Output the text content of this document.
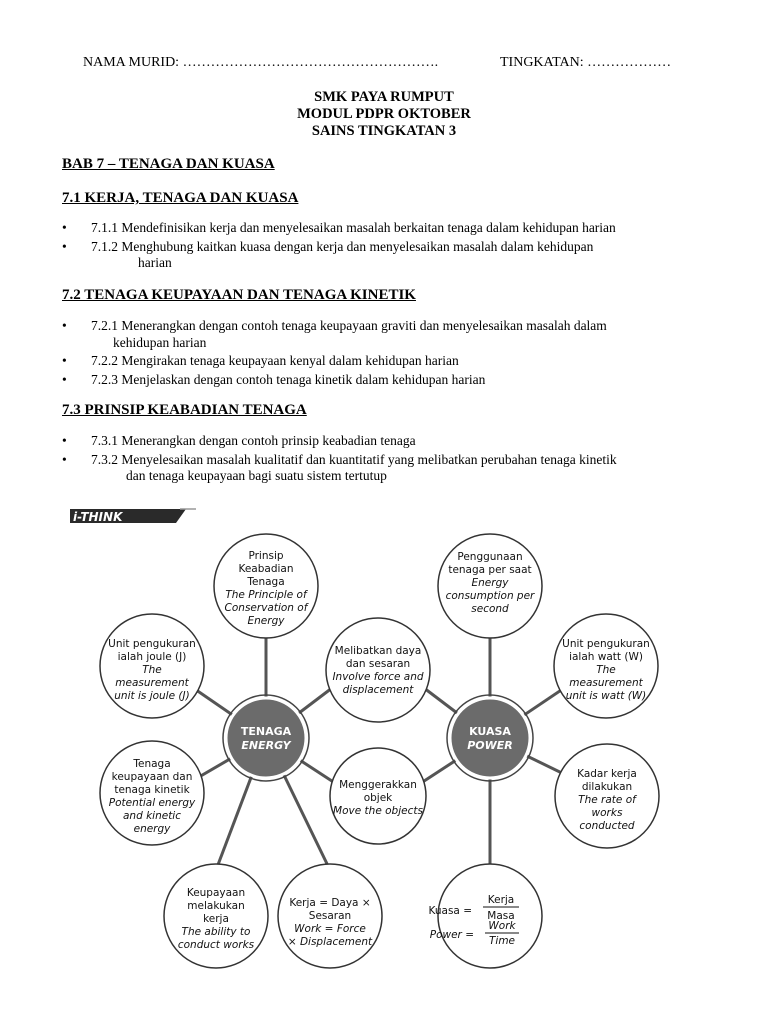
NAMA MURID: ……………………………………………….	TINGKATAN: ………………
SMK PAYA RUMPUT
MODUL PDPR OKTOBER
SAINS TINGKATAN 3
BAB 7 – TENAGA DAN KUASA
7.1 KERJA, TENAGA DAN KUASA
• 7.1.1 Mendefinisikan kerja dan menyelesaikan masalah berkaitan tenaga dalam kehidupan harian
• 7.1.2 Menghubung kaitkan kuasa dengan kerja dan menyelesaikan masalah dalam kehidupan
harian
7.2 TENAGA KEUPAYAAN DAN TENAGA KINETIK
• 7.2.1 Menerangkan dengan contoh tenaga keupayaan graviti dan menyelesaikan masalah dalam
kehidupan harian
• 7.2.2 Mengirakan tenaga keupayaan kenyal dalam kehidupan harian
• 7.2.3 Menjelaskan dengan contoh tenaga kinetik dalam kehidupan harian
7.3 PRINSIP KEABADIAN TENAGA
• 7.3.1 Menerangkan dengan contoh prinsip keabadian tenaga
• 7.3.2 Menyelesaikan masalah kualitatif dan kuantitatif yang melibatkan perubahan tenaga kinetik
dan tenaga keupayaan bagi suatu sistem tertutup
i-THINK
TENAGA
ENERGY
KUASA
POWER
Prinsip
Keabadian
Tenaga
The Principle of
Conservation of
Energy
Unit pengukuran
ialah joule (J)
The
measurement
unit is joule (J)
Tenaga
keupayaan dan
tenaga kinetik
Potential energy
and kinetic
energy
Keupayaan
melakukan
kerja
The ability to
conduct works
Kerja = Daya ×
Sesaran
Work = Force
× Displacement
Menggerakkan
objek
Move the objects
Melibatkan daya
dan sesaran
Involve force and
displacement
Penggunaan
tenaga per saat
Energy
consumption per
second
Unit pengukuran
ialah watt (W)
The
measurement
unit is watt (W)
Kadar kerja
dilakukan
The rate of
works
conducted
Kuasa =
Kerja
Masa
Power =
Work
Time
